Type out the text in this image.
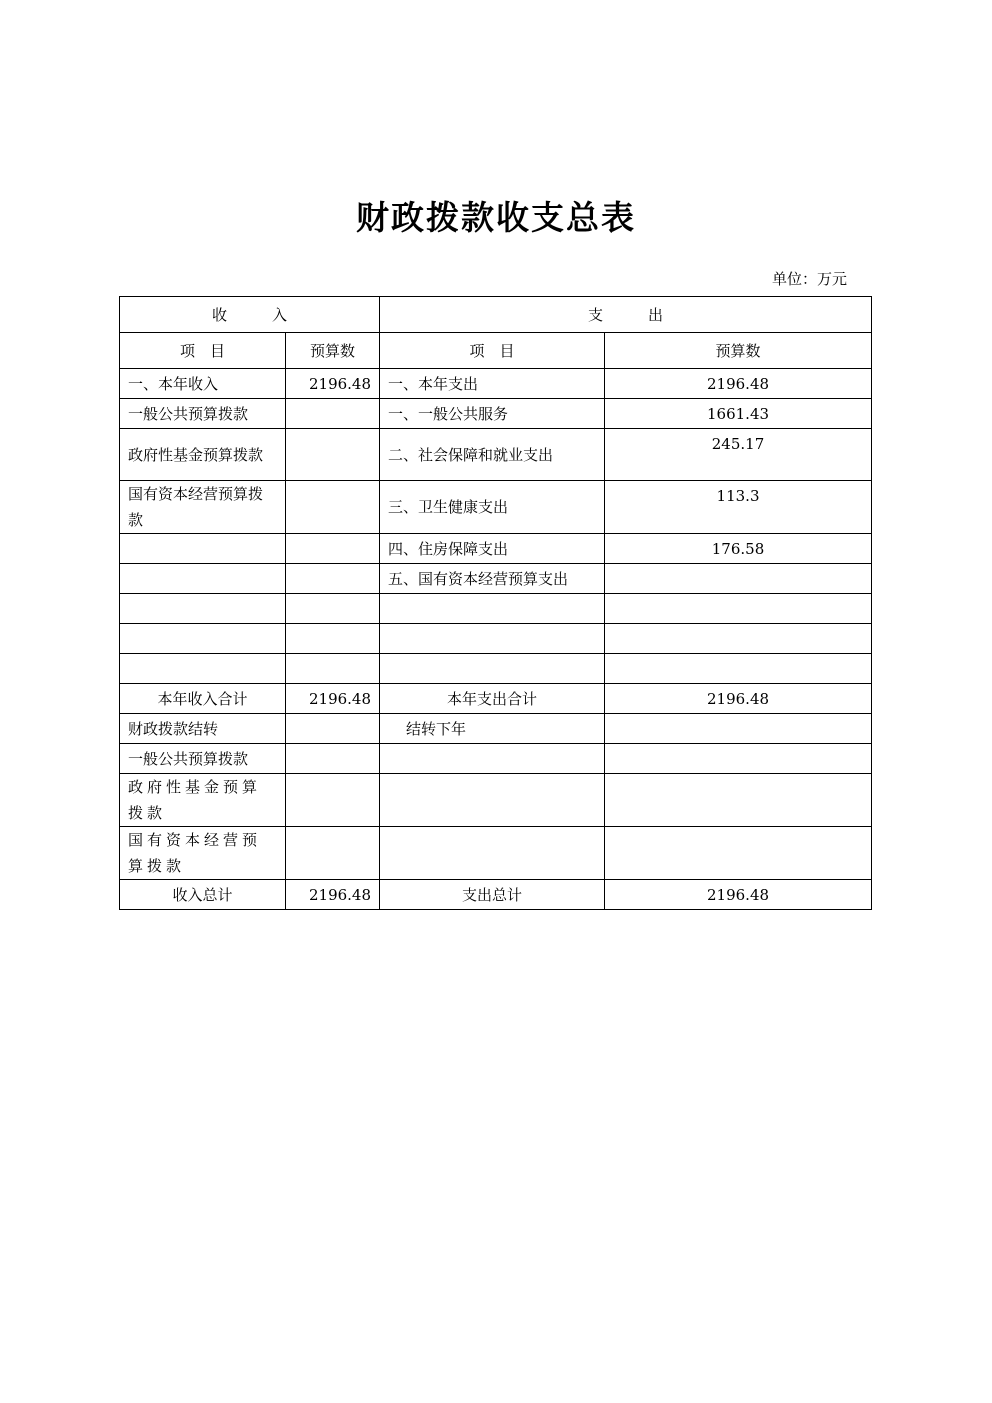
财政拨款收支总表
单位：万元
收　　　入		支　　　出	
项　目	预算数	项　目	预算数
一、本年收入	2196.48	一、本年支出	2196.48
一般公共预算拨款		一、一般公共服务	1661.43
政府性基金预算拨款		二、社会保障和就业支出	245.17
国有资本经营预算拨款		三、卫生健康支出	113.3
		四、住房保障支出	176.58
		五、国有资本经营预算支出	

本年收入合计	2196.48	本年支出合计	2196.48
财政拨款结转		结转下年	
一般公共预算拨款			
政府性基金预算拨款			
国有资本经营预算拨款			
收入总计	2196.48	支出总计	2196.48
